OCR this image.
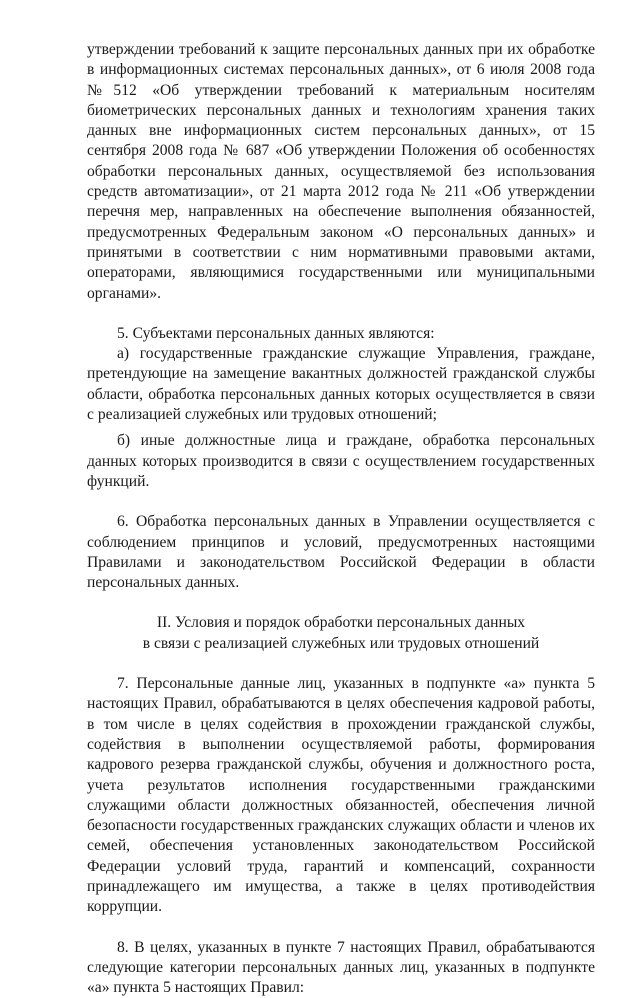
утверждении требований к защите персональных данных при их обработке в информационных системах персональных данных», от 6 июля 2008 года №512 «Об утверждении требований к материальным носителям биометрических персональных данных и технологиям хранения таких данных вне информационных систем персональных данных», от 15 сентября 2008 года № 687 «Об утверждении Положения об особенностях обработки персональных данных, осуществляемой без использования средств автоматизации», от 21 марта 2012 года № 211 «Об утверждении перечня мер, направленных на обеспечение выполнения обязанностей, предусмотренных Федеральным законом «О персональных данных» и принятыми в соответствии с ним нормативными правовыми актами, операторами, являющимися государственными или муниципальными органами».

5. Субъектами персональных данных являются:

а) государственные гражданские служащие Управления, граждане, претендующие на замещение вакантных должностей гражданской службы области, обработка персональных данных которых осуществляется в связи с реализацией служебных или трудовых отношений;

б) иные должностные лица и граждане, обработка персональных данных которых производится в связи с осуществлением государственных функций.

6. Обработка персональных данных в Управлении осуществляется с соблюдением принципов и условий, предусмотренных настоящими Правилами и законодательством Российской Федерации в области персональных данных.

II. Условия и порядок обработки персональных данных
в связи с реализацией служебных или трудовых отношений

7. Персональные данные лиц, указанных в подпункте «а» пункта 5 настоящих Правил, обрабатываются в целях обеспечения кадровой работы, в том числе в целях содействия в прохождении гражданской службы, содействия в выполнении осуществляемой работы, формирования кадрового резерва гражданской службы, обучения и должностного роста, учета результатов исполнения государственными гражданскими служащими области должностных обязанностей, обеспечения личной безопасности государственных гражданских служащих области и членов их семей, обеспечения установленных законодательством Российской Федерации условий труда, гарантий и компенсаций, сохранности принадлежащего им имущества, а также в целях противодействия коррупции.

8. В целях, указанных в пункте 7 настоящих Правил, обрабатываются следующие категории персональных данных лиц, указанных в подпункте «а» пункта 5 настоящих Правил:
